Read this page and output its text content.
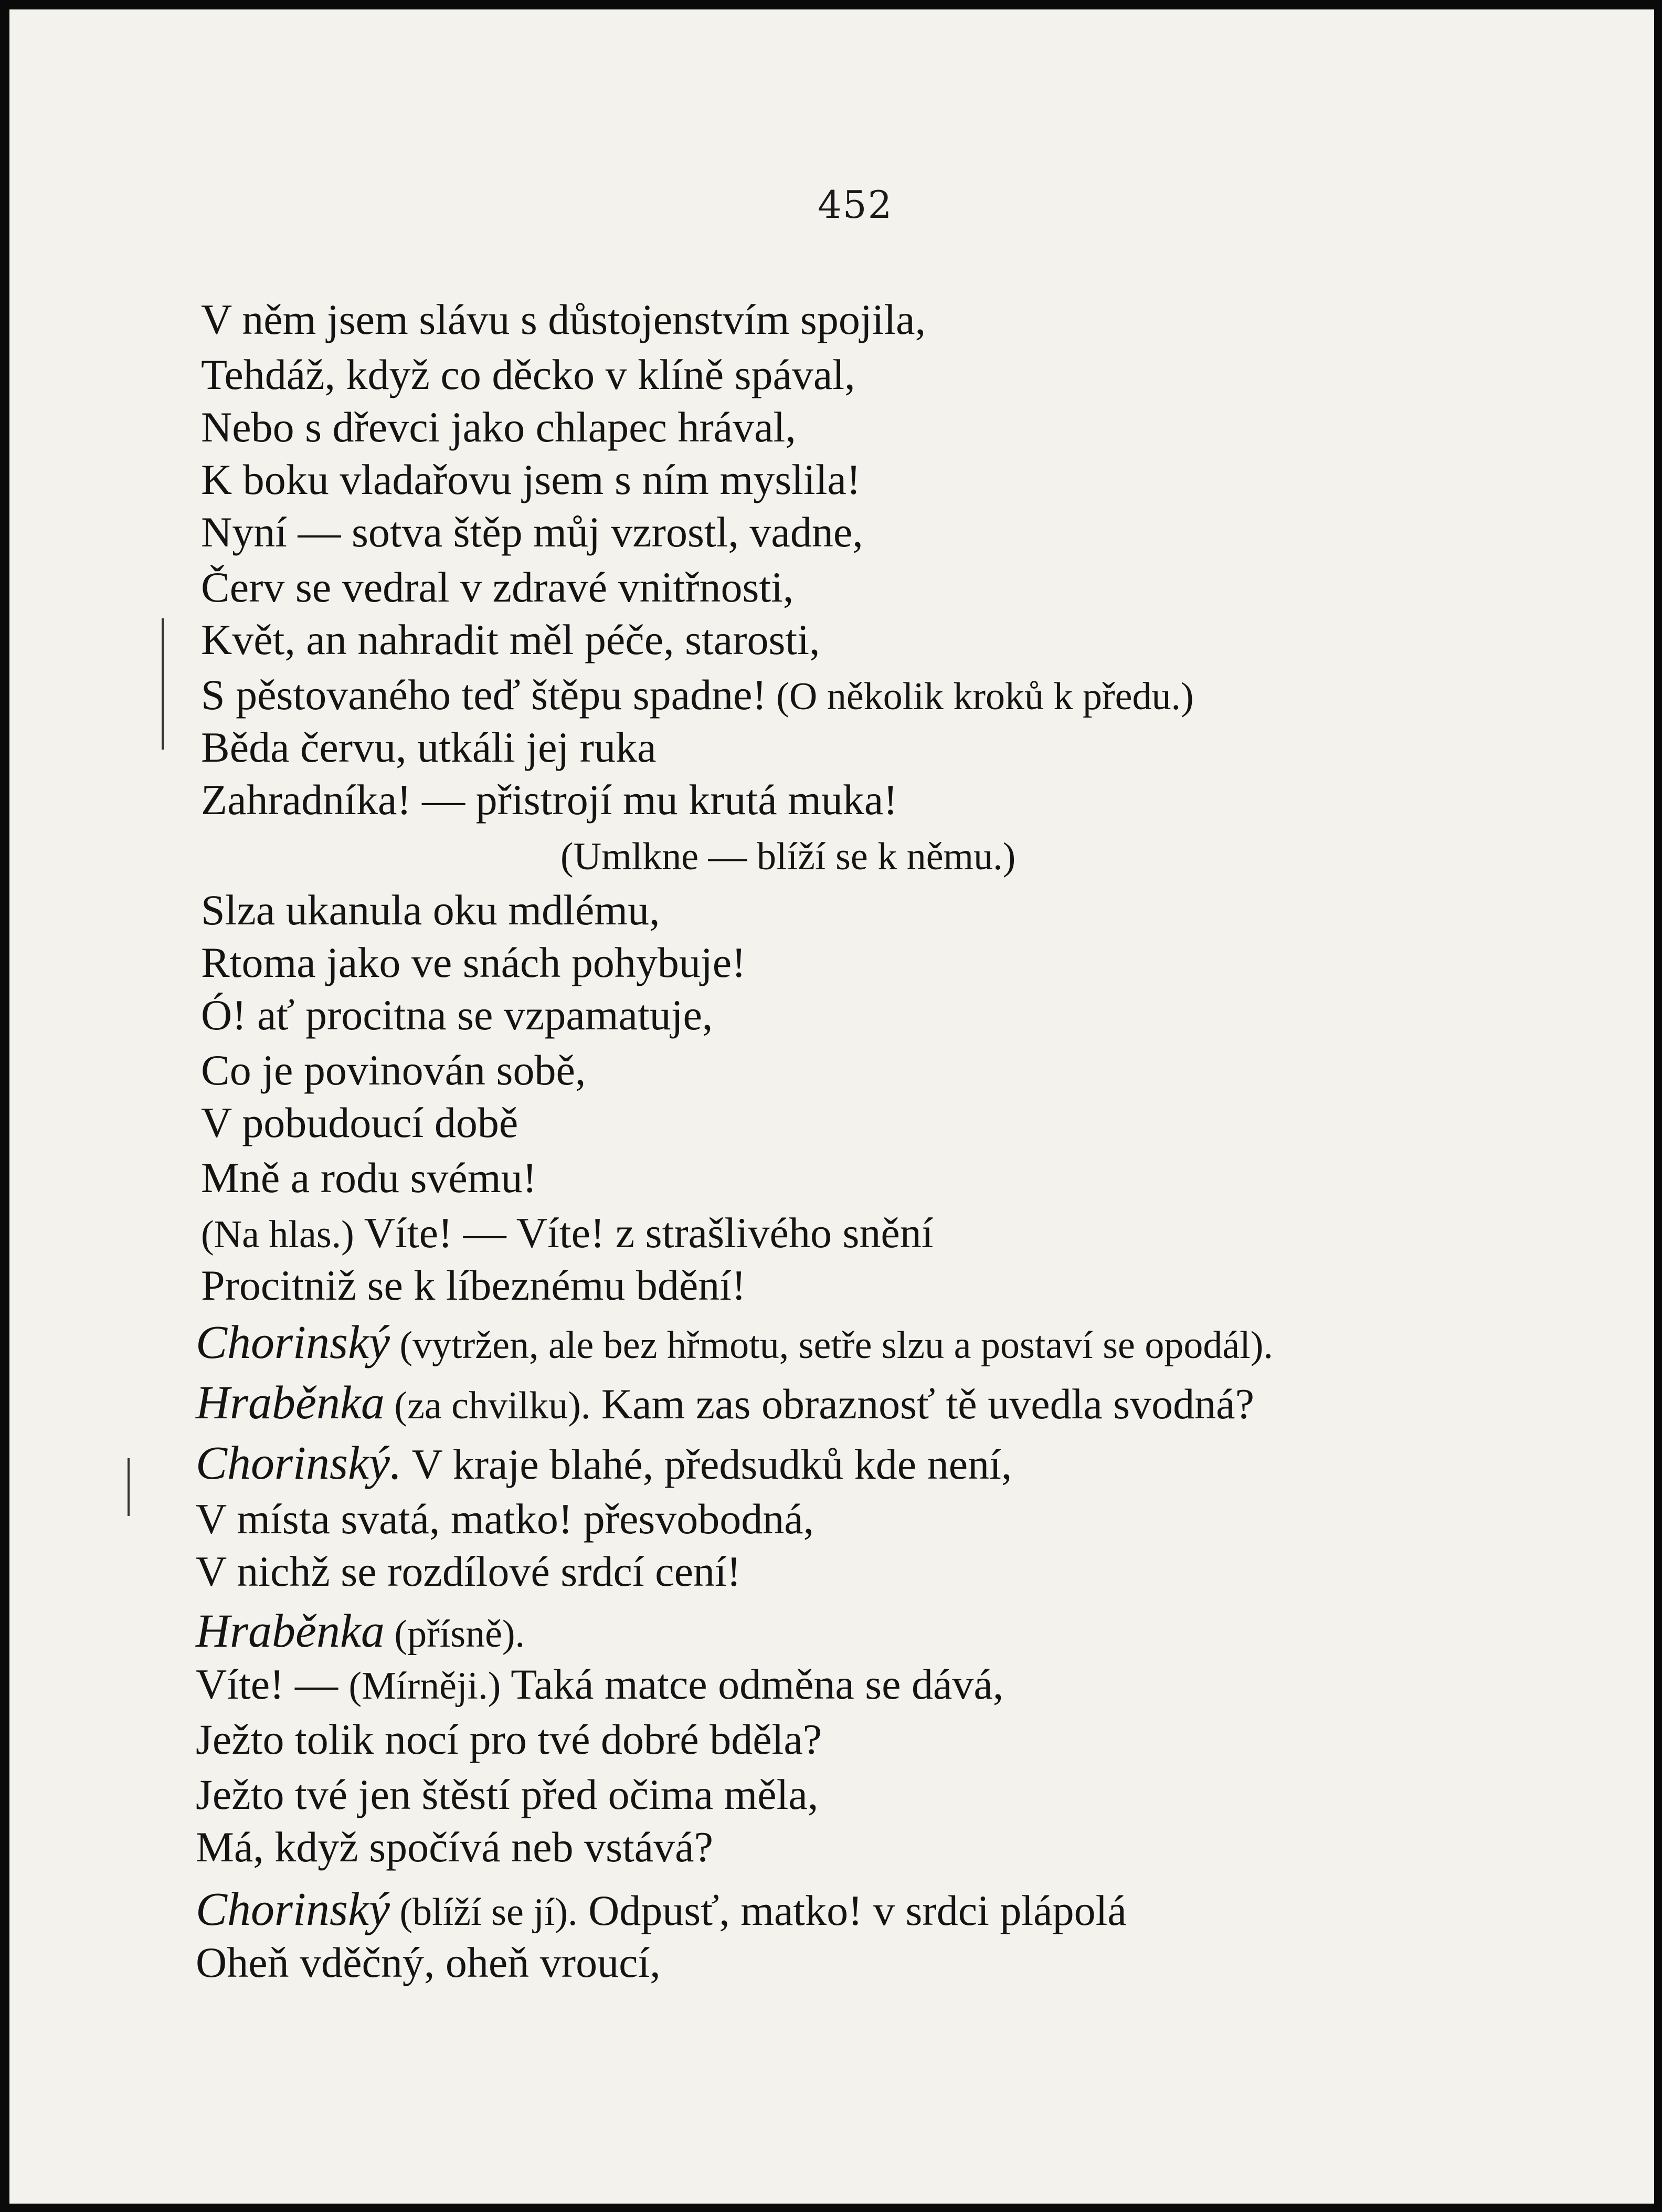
452
V něm jsem slávu s důstojenstvím spojila,
Tehdáž, když co děcko v klíně spával,
Nebo s dřevci jako chlapec hrával,
K boku vladařovu jsem s ním myslila!
Nyní — sotva štěp můj vzrostl, vadne,
Červ se vedral v zdravé vnitřnosti,
Květ, an nahradit měl péče, starosti,
S pěstovaného teď štěpu spadne! (O několik kroků k předu.)
Běda červu, utkáli jej ruka
Zahradníka! — přistrojí mu krutá muka!
(Umlkne — blíží se k němu.)
Slza ukanula oku mdlému,
Rtoma jako ve snách pohybuje!
Ó! ať procitna se vzpamatuje,
Co je povinován sobě,
V pobudoucí době
Mně a rodu svému!
(Na hlas.) Víte! — Víte! z strašlivého snění
Procitniž se k líbeznému bdění!
Chorinský (vytržen, ale bez hřmotu, setře slzu a postaví se opodál).
Hraběnka (za chvilku). Kam zas obraznosť tě uvedla svodná?
Chorinský. V kraje blahé, předsudků kde není,
V místa svatá, matko! přesvobodná,
V nichž se rozdílové srdcí cení!
Hraběnka (přísně).
Víte! — (Mírněji.) Taká matce odměna se dává,
Ježto tolik nocí pro tvé dobré bděla?
Ježto tvé jen štěstí před očima měla,
Má, když spočívá neb vstává?
Chorinský (blíží se jí). Odpusť, matko! v srdci plápolá
Oheň vděčný, oheň vroucí,
